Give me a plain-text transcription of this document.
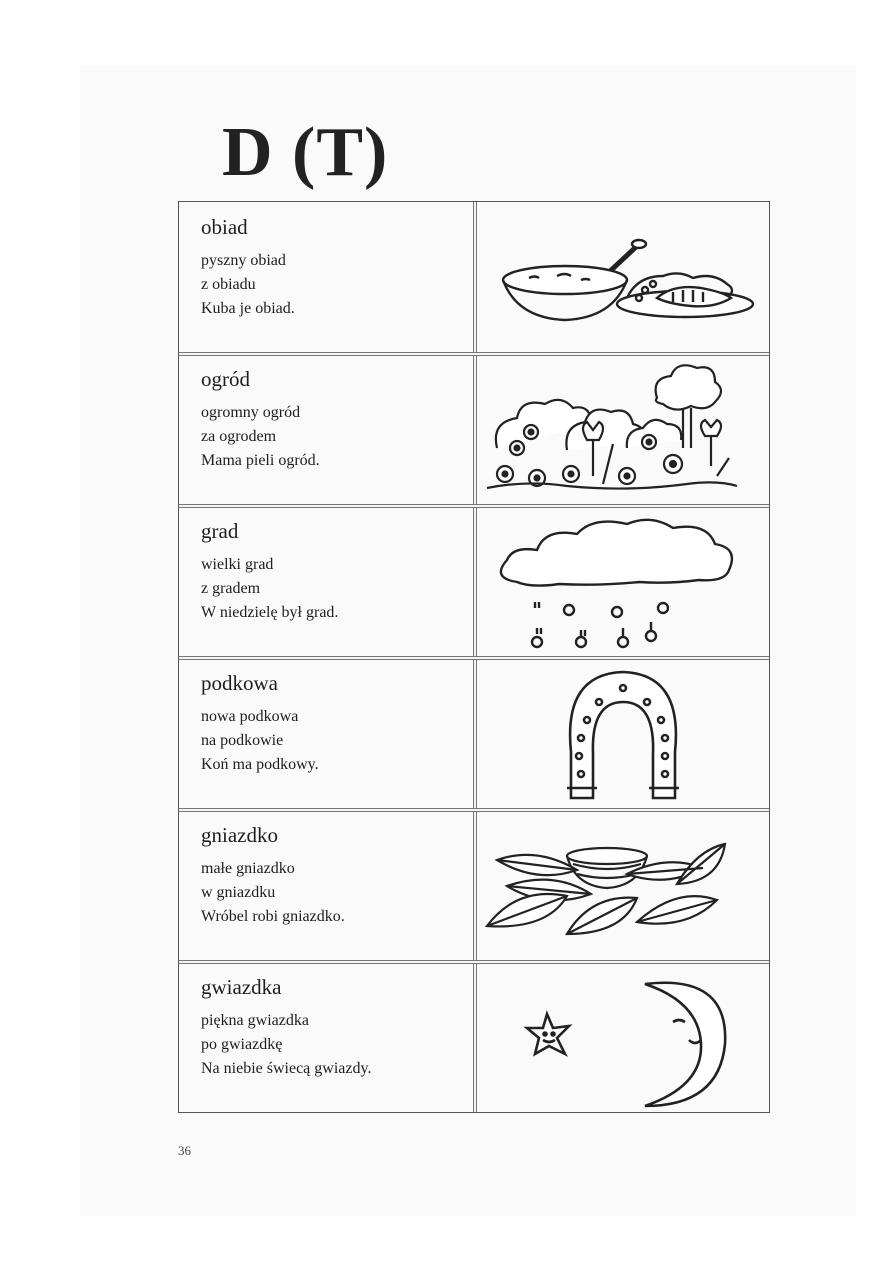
D (T)

obiad

pyszny obiad

z obiadu

Kuba je obiad.

ogród

ogromny ogród

za ogrodem

Mama pieli ogród.

grad

wielki grad

z gradem

W niedzielę był grad.

podkowa

nowa podkowa

na podkowie

Koń ma podkowy.

gniazdko

małe gniazdko

w gniazdku

Wróbel robi gniazdko.

gwiazdka

piękna gwiazdka

po gwiazdkę

Na niebie świecą gwiazdy.

36
